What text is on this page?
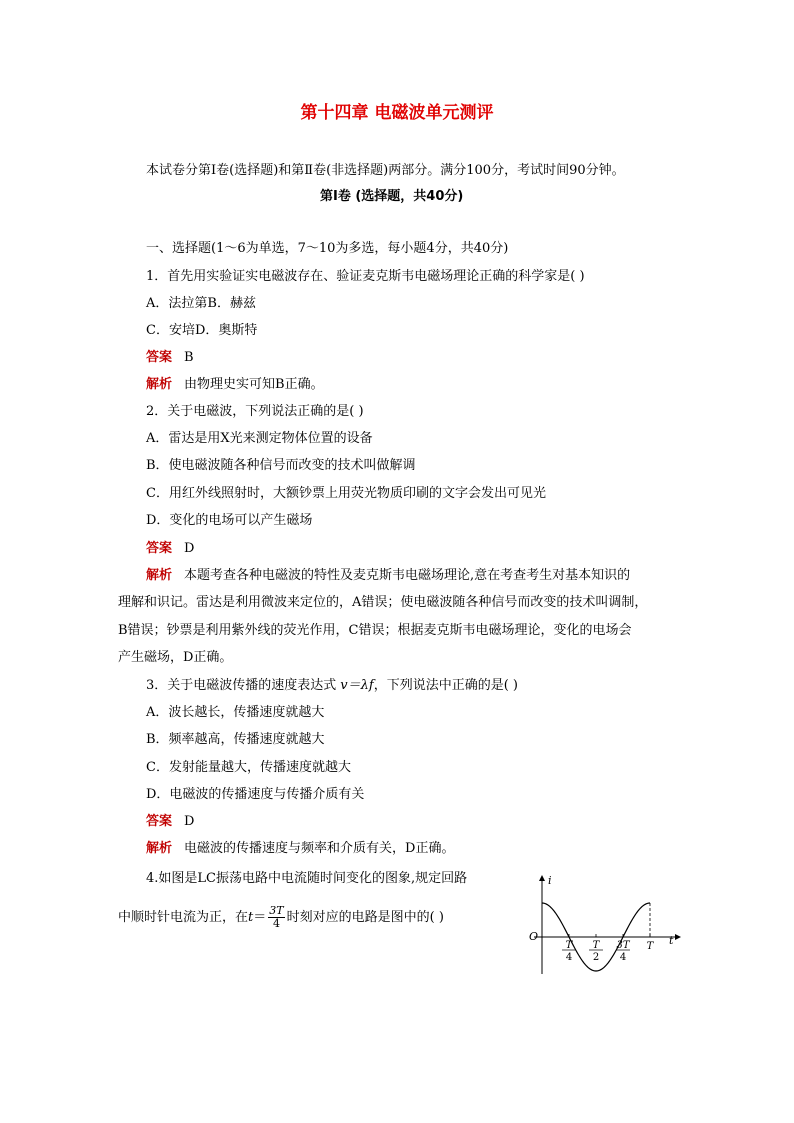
第十四章 电磁波单元测评
本试卷分第Ⅰ卷(选择题)和第Ⅱ卷(非选择题)两部分。满分100分，考试时间90分钟。
第Ⅰ卷 (选择题，共40分)
一、选择题(1～6为单选，7～10为多选，每小题4分，共40分)
1．首先用实验证实电磁波存在、验证麦克斯韦电磁场理论正确的科学家是( )
A．法拉第B．赫兹
C．安培D．奥斯特
答案 B
解析 由物理史实可知B正确。
2．关于电磁波，下列说法正确的是( )
A．雷达是用X光来测定物体位置的设备
B．使电磁波随各种信号而改变的技术叫做解调
C．用红外线照射时，大额钞票上用荧光物质印刷的文字会发出可见光
D．变化的电场可以产生磁场
答案 D
解析 本题考查各种电磁波的特性及麦克斯韦电磁场理论,意在考查考生对基本知识的
理解和识记。雷达是利用微波来定位的，A错误；使电磁波随各种信号而改变的技术叫调制，
B错误；钞票是利用紫外线的荧光作用，C错误；根据麦克斯韦电磁场理论，变化的电场会
产生磁场，D正确。
3．关于电磁波传播的速度表达式 v＝λf，下列说法中正确的是( )
A．波长越长，传播速度就越大
B．频率越高，传播速度就越大
C．发射能量越大，传播速度就越大
D．电磁波的传播速度与传播介质有关
答案 D
解析 电磁波的传播速度与频率和介质有关，D正确。
4.如图是LC振荡电路中电流随时间变化的图象,规定回路
中顺时针电流为正，在$t= \frac{3T}{4}$ 时刻对应的电路是图中的( )
i
t
O
T
4
T
2
3T
4
T
